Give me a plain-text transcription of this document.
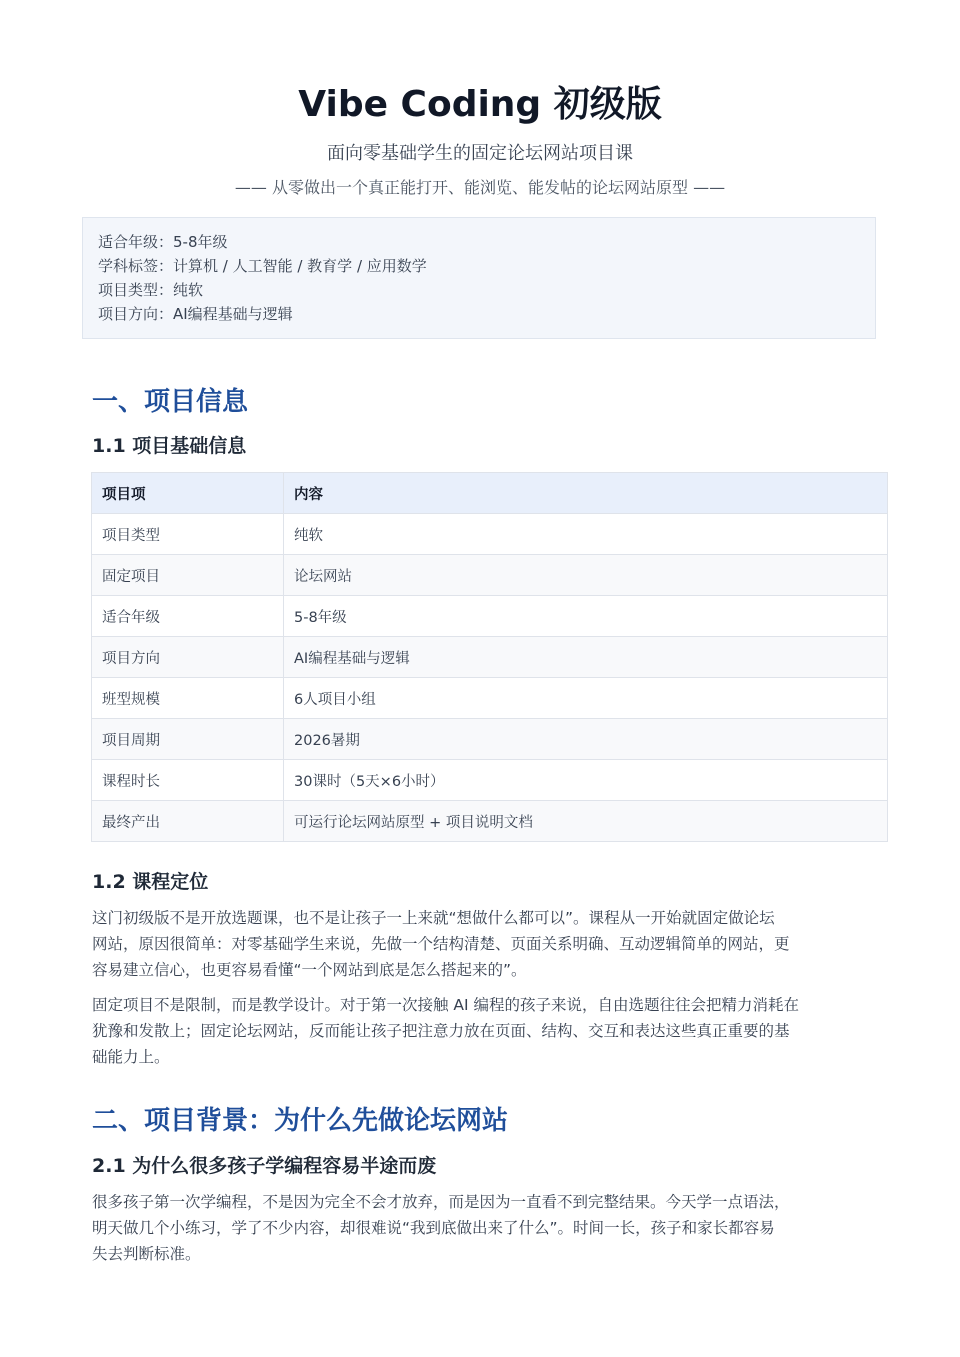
Vibe Coding 初级版
面向零基础学生的固定论坛网站项目课
—— 从零做出一个真正能打开、能浏览、能发帖的论坛网站原型 ——
适合年级：5-8年级
学科标签：计算机 / 人工智能 / 教育学 / 应用数学
项目类型：纯软
项目方向：AI编程基础与逻辑
一、项目信息
1.1 项目基础信息
项目项	内容
项目类型	纯软
固定项目	论坛网站
适合年级	5-8年级
项目方向	AI编程基础与逻辑
班型规模	6人项目小组
项目周期	2026暑期
课程时长	30课时（5天×6小时）
最终产出	可运行论坛网站原型 + 项目说明文档
1.2 课程定位
这门初级版不是开放选题课，也不是让孩子一上来就“想做什么都可以”。课程从一开始就固定做论坛
网站，原因很简单：对零基础学生来说，先做一个结构清楚、页面关系明确、互动逻辑简单的网站，更
容易建立信心，也更容易看懂“一个网站到底是怎么搭起来的”。
固定项目不是限制，而是教学设计。对于第一次接触 AI 编程的孩子来说，自由选题往往会把精力消耗在
犹豫和发散上；固定论坛网站，反而能让孩子把注意力放在页面、结构、交互和表达这些真正重要的基
础能力上。
二、项目背景：为什么先做论坛网站
2.1 为什么很多孩子学编程容易半途而废
很多孩子第一次学编程，不是因为完全不会才放弃，而是因为一直看不到完整结果。今天学一点语法，
明天做几个小练习，学了不少内容，却很难说“我到底做出来了什么”。时间一长，孩子和家长都容易
失去判断标准。
